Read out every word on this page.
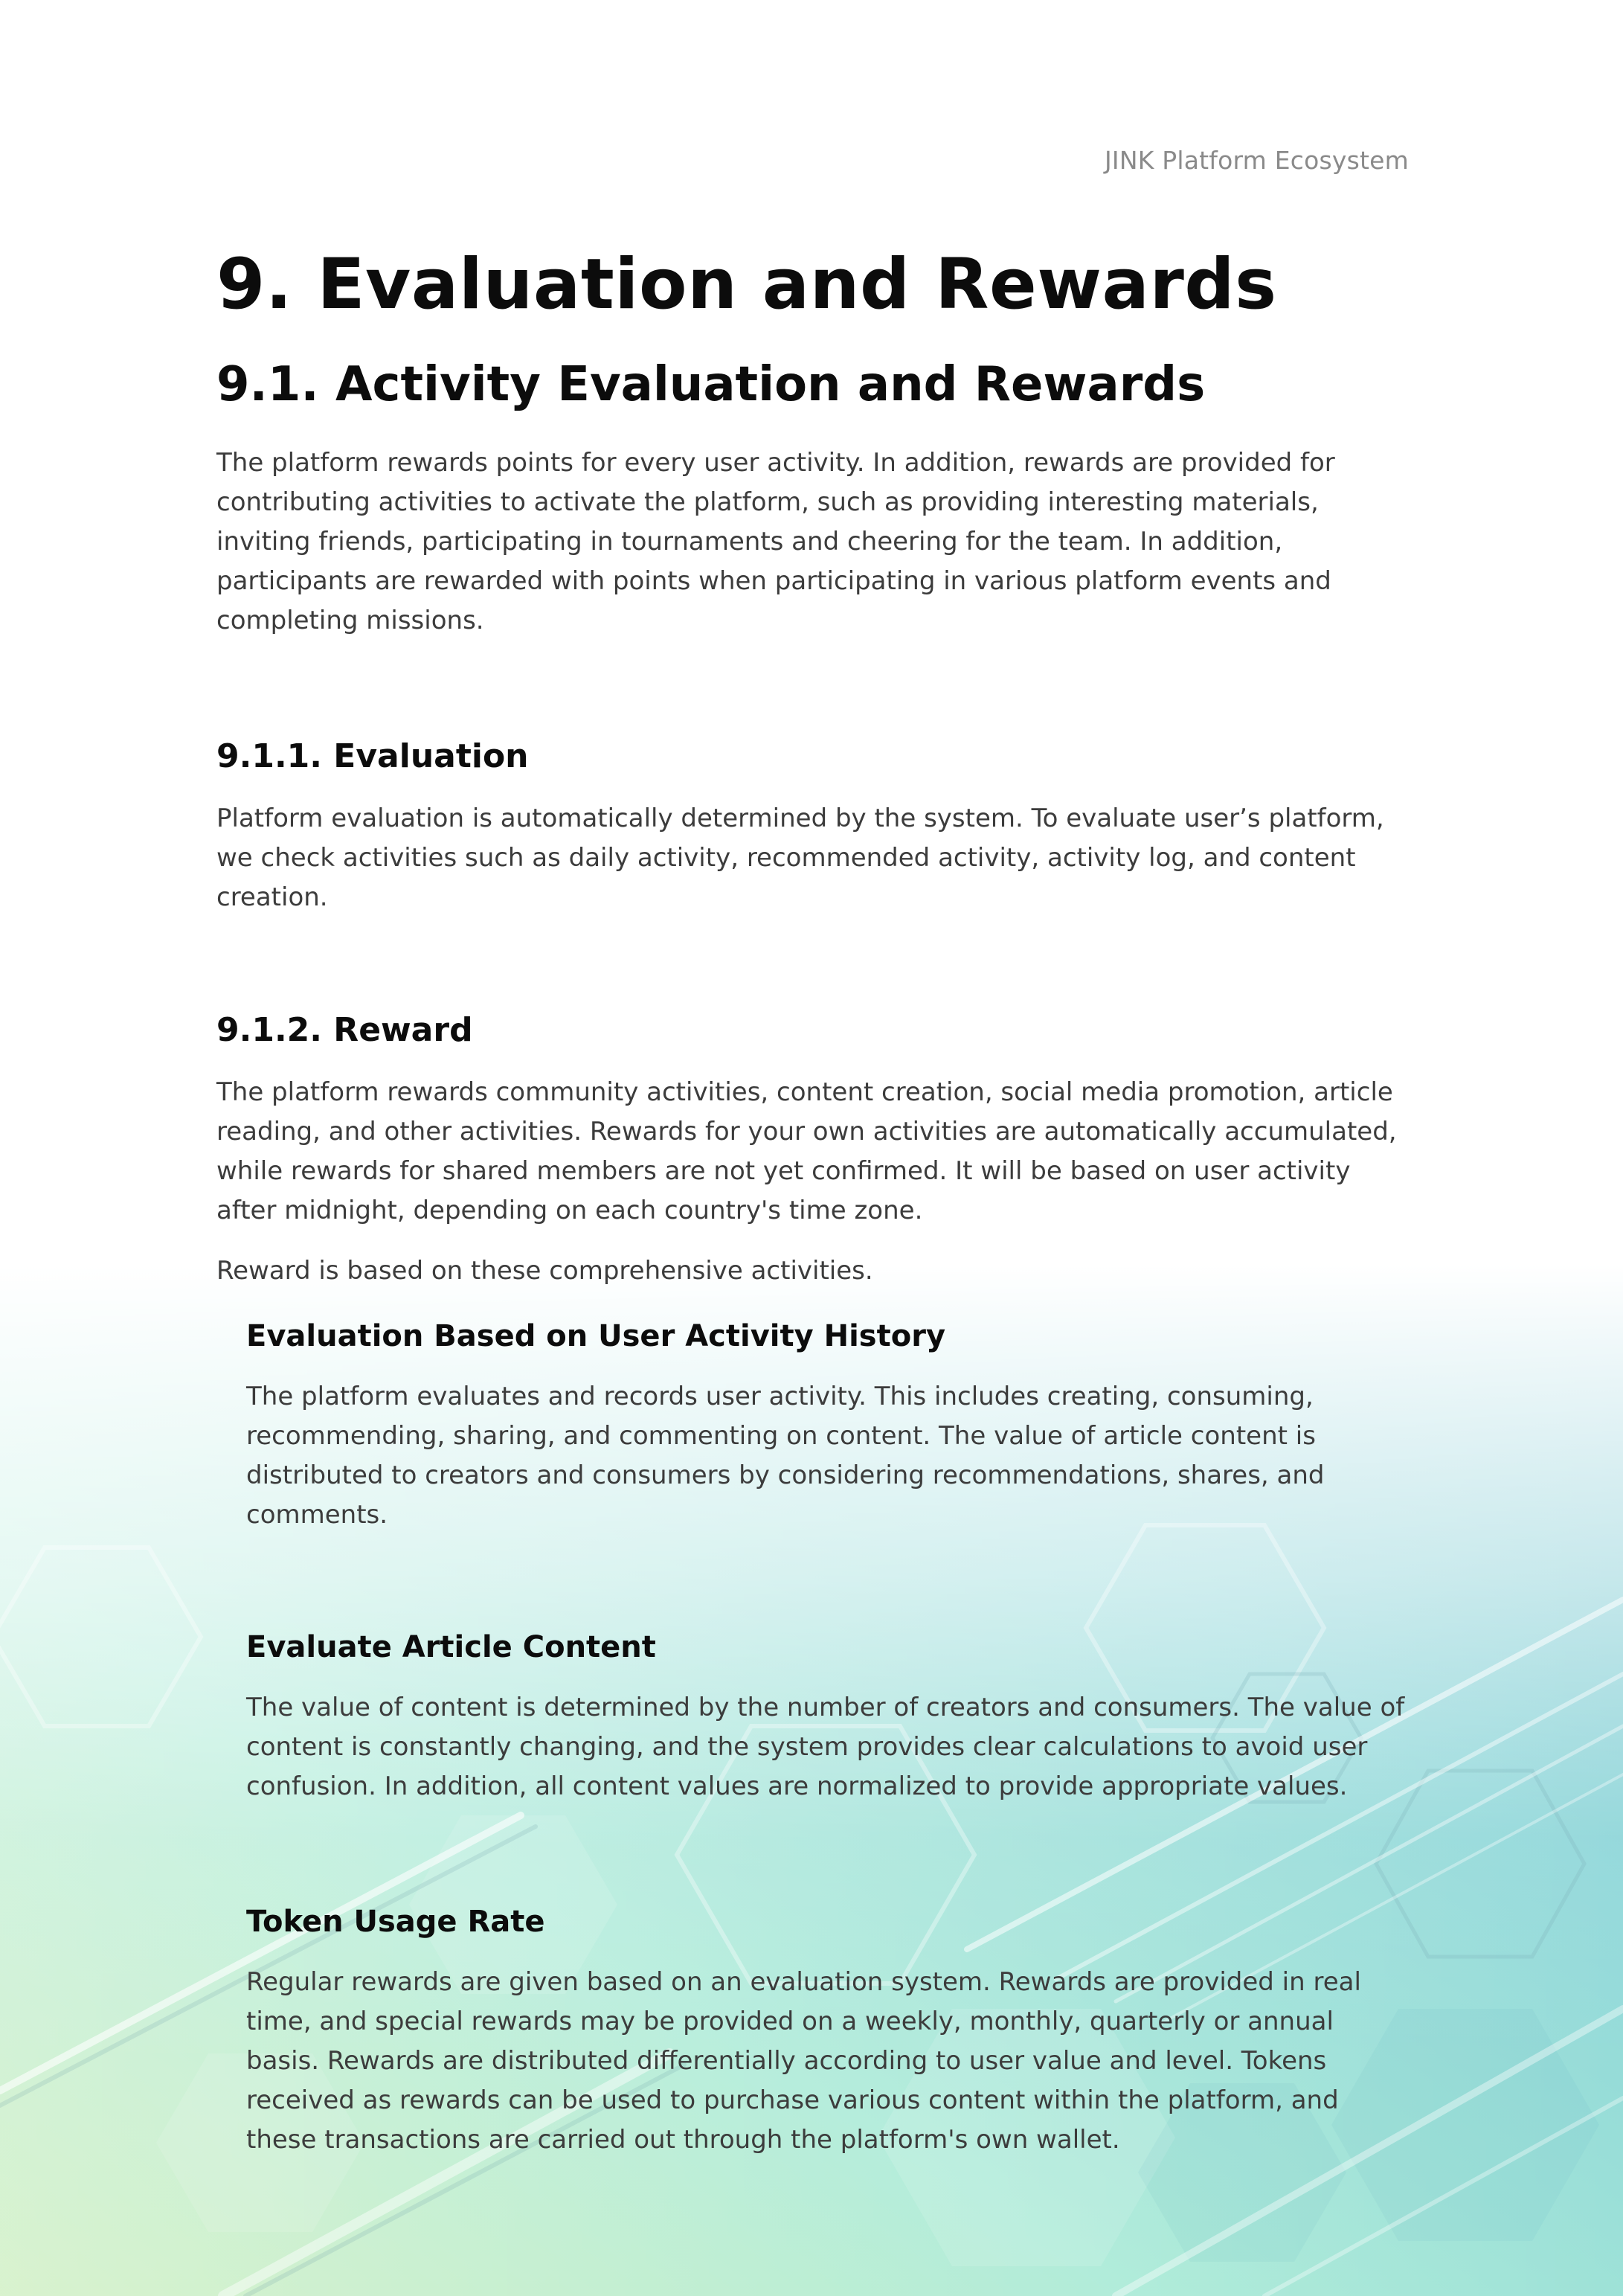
JINK Platform Ecosystem

9. Evaluation and Rewards
9.1. Activity Evaluation and Rewards

The platform rewards points for every user activity. In addition, rewards are provided for contributing activities to activate the platform, such as providing interesting materials, inviting friends, participating in tournaments and cheering for the team. In addition, participants are rewarded with points when participating in various platform events and completing missions.

9.1.1. Evaluation

Platform evaluation is automatically determined by the system. To evaluate user’s platform, we check activities such as daily activity, recommended activity, activity log, and content creation.

9.1.2. Reward

The platform rewards community activities, content creation, social media promotion, article reading, and other activities. Rewards for your own activities are automatically accumulated, while rewards for shared members are not yet confirmed. It will be based on user activity after midnight, depending on each country's time zone.

Reward is based on these comprehensive activities.

Evaluation Based on User Activity History

The platform evaluates and records user activity. This includes creating, consuming, recommending, sharing, and commenting on content. The value of article content is distributed to creators and consumers by considering recommendations, shares, and comments.

Evaluate Article Content

The value of content is determined by the number of creators and consumers. The value of content is constantly changing, and the system provides clear calculations to avoid user confusion. In addition, all content values are normalized to provide appropriate values.

Token Usage Rate

Regular rewards are given based on an evaluation system. Rewards are provided in real time, and special rewards may be provided on a weekly, monthly, quarterly or annual basis. Rewards are distributed differentially according to user value and level. Tokens received as rewards can be used to purchase various content within the platform, and these transactions are carried out through the platform's own wallet.
